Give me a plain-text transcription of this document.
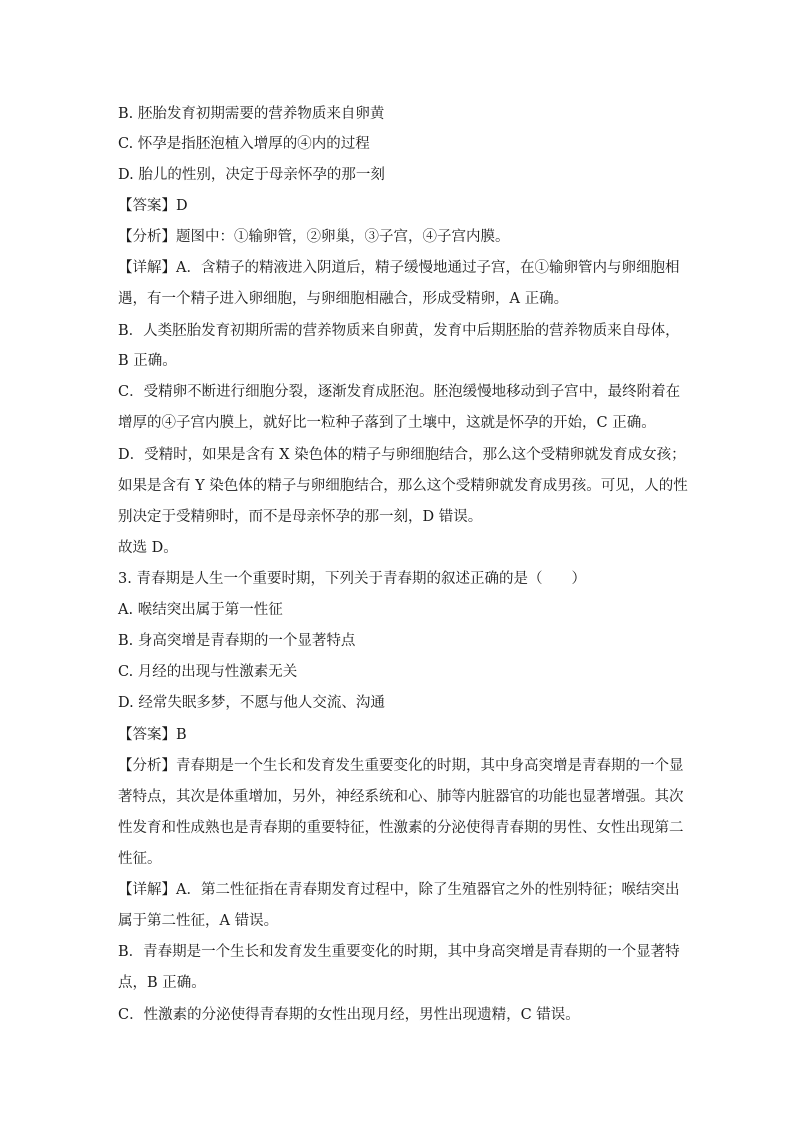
B. 胚胎发育初期需要的营养物质来自卵黄
C. 怀孕是指胚泡植入增厚的④内的过程
D. 胎儿的性别，决定于母亲怀孕的那一刻
【答案】D
【分析】题图中：①输卵管，②卵巢，③子宫，④子宫内膜。
【详解】A．含精子的精液进入阴道后，精子缓慢地通过子宫，在①输卵管内与卵细胞相
遇，有一个精子进入卵细胞，与卵细胞相融合，形成受精卵，A 正确。
B．人类胚胎发育初期所需的营养物质来自卵黄，发育中后期胚胎的营养物质来自母体，
B 正确。
C．受精卵不断进行细胞分裂，逐渐发育成胚泡。胚泡缓慢地移动到子宫中，最终附着在
增厚的④子宫内膜上，就好比一粒种子落到了土壤中，这就是怀孕的开始，C 正确。
D．受精时，如果是含有 X 染色体的精子与卵细胞结合，那么这个受精卵就发育成女孩；
如果是含有 Y 染色体的精子与卵细胞结合，那么这个受精卵就发育成男孩。可见，人的性
别决定于受精卵时，而不是母亲怀孕的那一刻，D 错误。
故选 D。
3. 青春期是人生一个重要时期，下列关于青春期的叙述正确的是（　　）
A. 喉结突出属于第一性征
B. 身高突增是青春期的一个显著特点
C. 月经的出现与性激素无关
D. 经常失眠多梦，不愿与他人交流、沟通
【答案】B
【分析】青春期是一个生长和发育发生重要变化的时期，其中身高突增是青春期的一个显
著特点，其次是体重增加，另外，神经系统和心、肺等内脏器官的功能也显著增强。其次
性发育和性成熟也是青春期的重要特征，性激素的分泌使得青春期的男性、女性出现第二
性征。
【详解】A．第二性征指在青春期发育过程中，除了生殖器官之外的性别特征；喉结突出
属于第二性征，A 错误。
B．青春期是一个生长和发育发生重要变化的时期，其中身高突增是青春期的一个显著特
点，B 正确。
C．性激素的分泌使得青春期的女性出现月经，男性出现遗精，C 错误。
